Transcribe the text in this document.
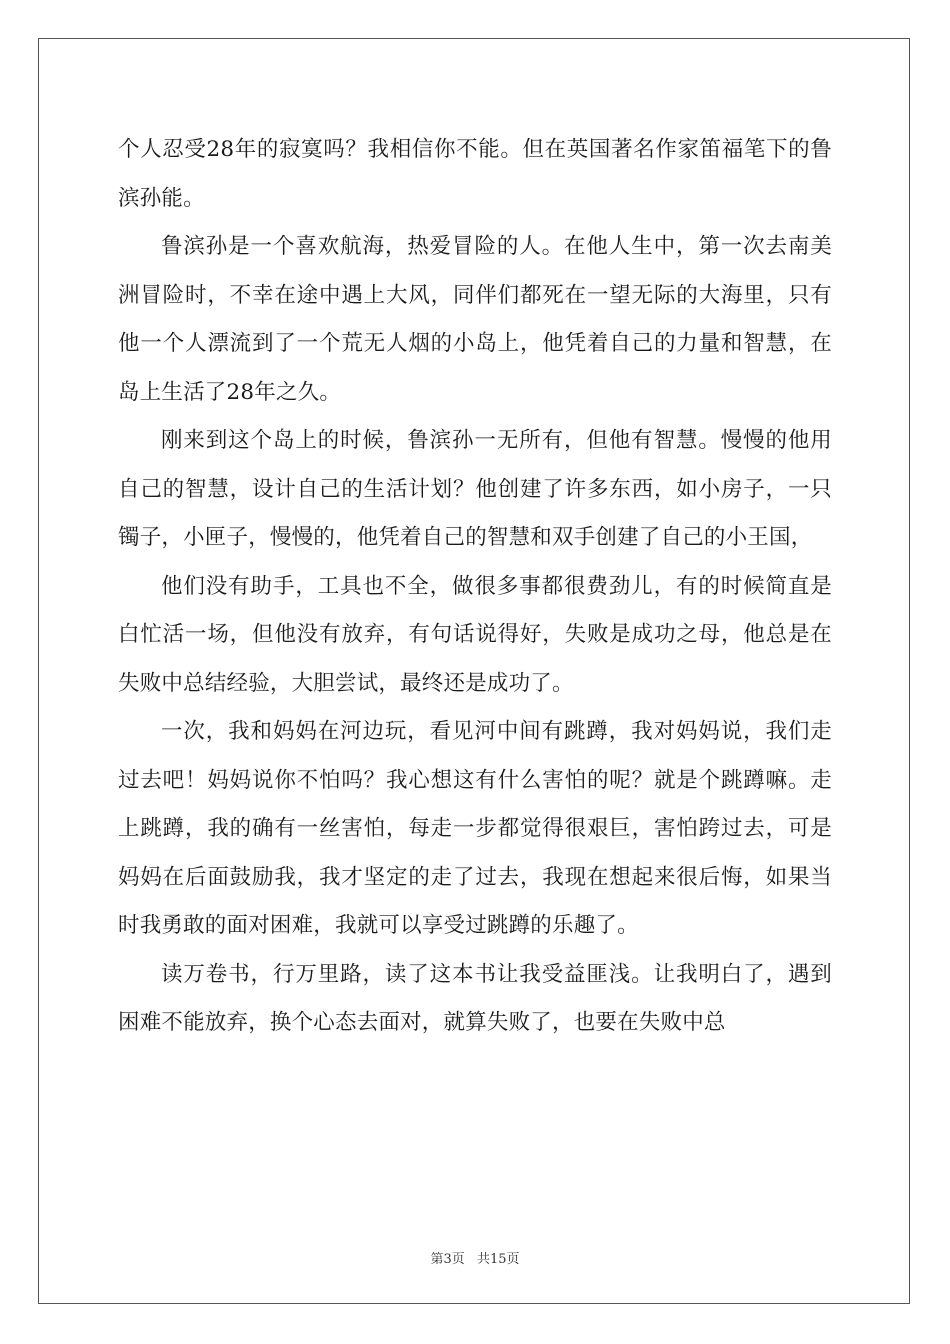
个人忍受28年的寂寞吗？我相信你不能。但在英国著名作家笛福笔下的鲁滨孙能。

鲁滨孙是一个喜欢航海，热爱冒险的人。在他人生中，第一次去南美洲冒险时，不幸在途中遇上大风，同伴们都死在一望无际的大海里，只有他一个人漂流到了一个荒无人烟的小岛上，他凭着自己的力量和智慧，在岛上生活了28年之久。

刚来到这个岛上的时候，鲁滨孙一无所有，但他有智慧。慢慢的他用自己的智慧，设计自己的生活计划？他创建了许多东西，如小房子，一只镯子，小匣子，慢慢的，他凭着自己的智慧和双手创建了自己的小王国，

他们没有助手，工具也不全，做很多事都很费劲儿，有的时候简直是白忙活一场，但他没有放弃，有句话说得好，失败是成功之母，他总是在失败中总结经验，大胆尝试，最终还是成功了。

一次，我和妈妈在河边玩，看见河中间有跳蹲，我对妈妈说，我们走过去吧！妈妈说你不怕吗？我心想这有什么害怕的呢？就是个跳蹲嘛。走上跳蹲，我的确有一丝害怕，每走一步都觉得很艰巨，害怕跨过去，可是妈妈在后面鼓励我，我才坚定的走了过去，我现在想起来很后悔，如果当时我勇敢的面对困难，我就可以享受过跳蹲的乐趣了。

读万卷书，行万里路，读了这本书让我受益匪浅。让我明白了，遇到困难不能放弃，换个心态去面对，就算失败了，也要在失败中总

第3页 共15页
